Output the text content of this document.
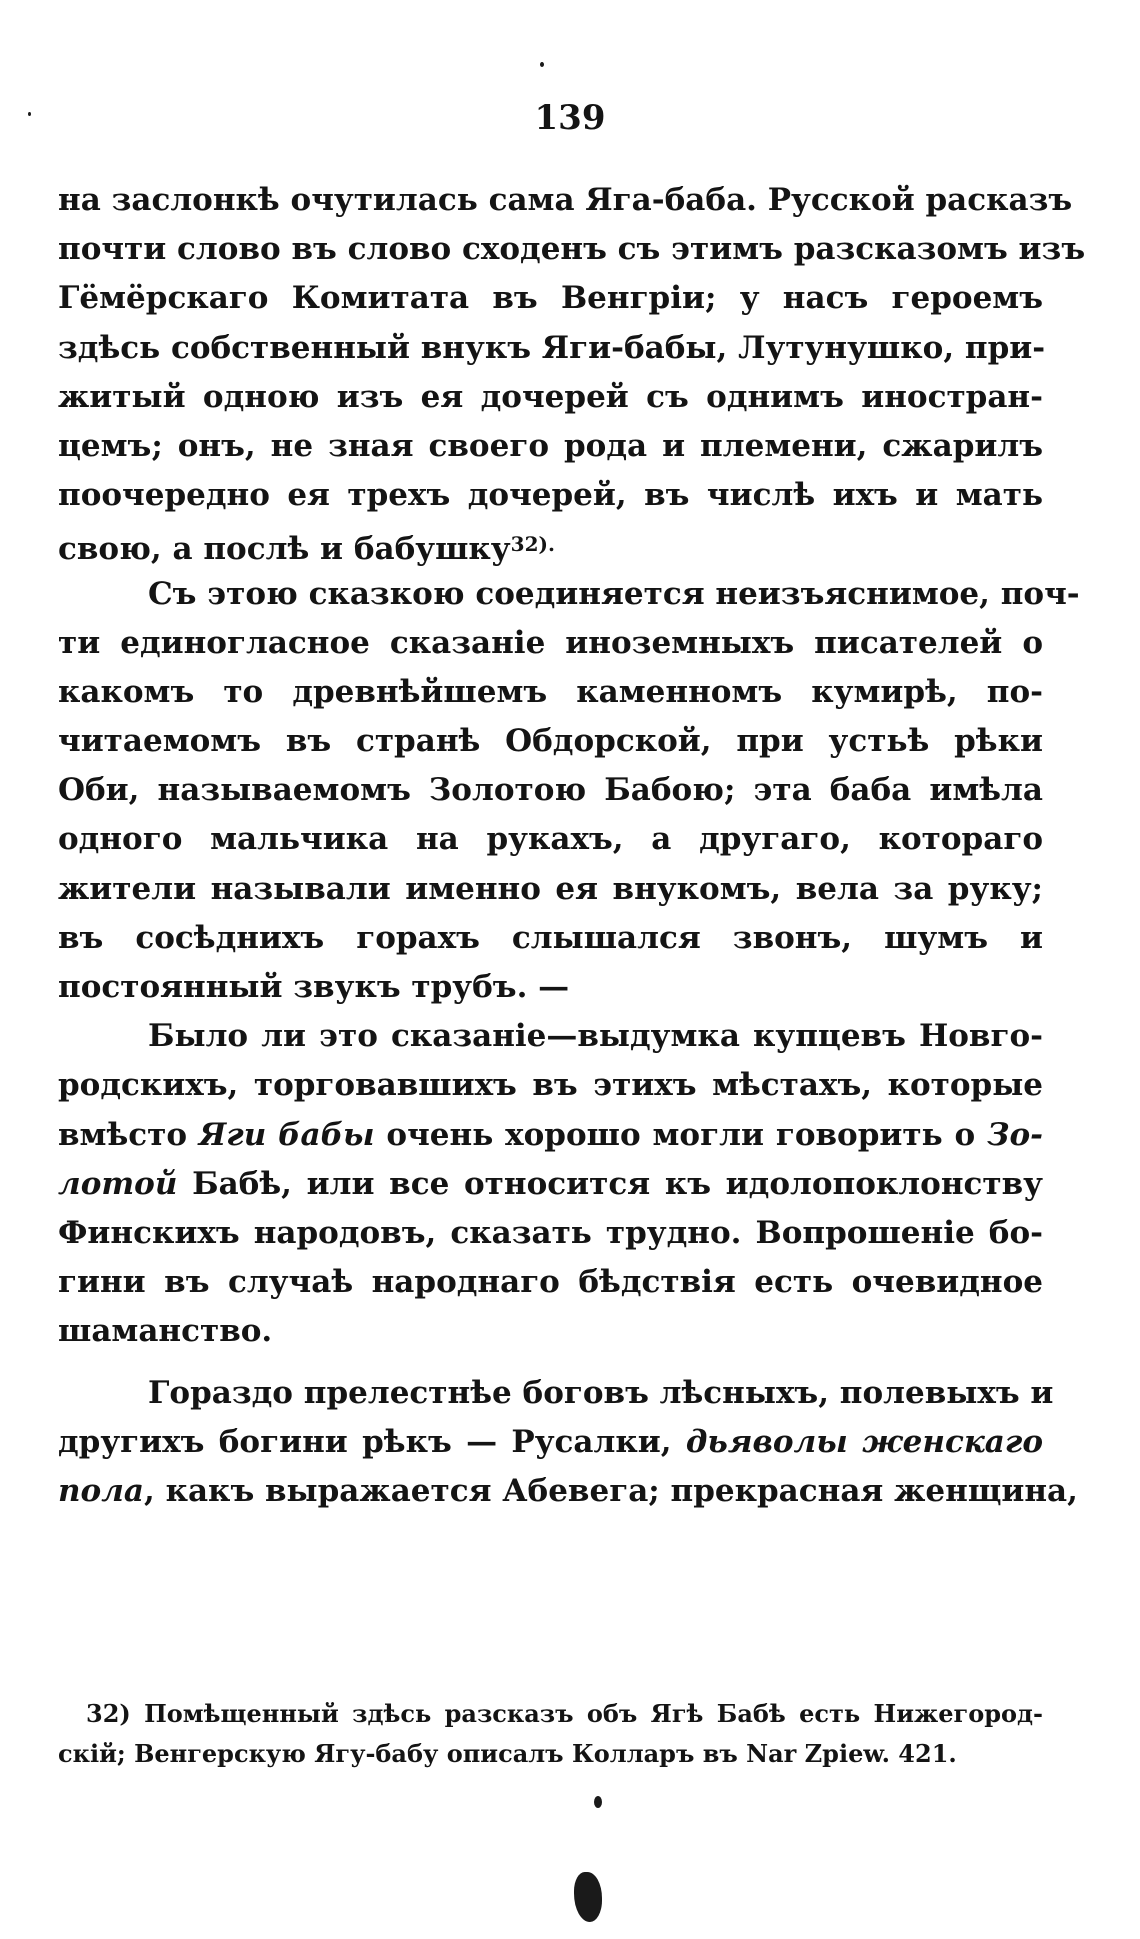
139
на заслонкѣ очутилась сама Яга-баба. Русской расказъ
почти слово въ слово сходенъ съ этимъ разсказомъ изъ
Гёмёрскаго Комитата въ Венгріи; у насъ героемъ
здѣсь собственный внукъ Яги-бабы, Лутунушко, при-
житый одною изъ ея дочерей съ однимъ иностран-
цемъ; онъ, не зная своего рода и племени, сжарилъ
поочередно ея трехъ дочерей, въ числѣ ихъ и мать
свою, а послѣ и бабушку$^{32).}$
Съ этою сказкою соединяется неизъяснимое, поч-
ти единогласное сказаніе иноземныхъ писателей о
какомъ то древнѣйшемъ каменномъ кумирѣ, по-
читаемомъ въ странѣ Обдорской, при устьѣ рѣки
Оби, называемомъ Золотою Бабою; эта баба имѣла
одного мальчика на рукахъ, а другаго, котораго
жители называли именно ея внукомъ, вела за руку;
въ сосѣднихъ горахъ слышался звонъ, шумъ и
постоянный звукъ трубъ. —
Было ли это сказаніе—выдумка купцевъ Новго-
родскихъ, торговавшихъ въ этихъ мѣстахъ, которые
вмѣсто Яги бабы очень хорошо могли говорить о Зо-
лотой Бабѣ, или все относится къ идолопоклонству
Финскихъ народовъ, сказать трудно. Вопрошеніе бо-
гини въ случаѣ народнаго бѣдствія есть очевидное
шаманство.
Гораздо прелестнѣе боговъ лѣсныхъ, полевыхъ и
другихъ богини рѣкъ — Русалки, дьяволы женскаго
пола, какъ выражается Абевега; прекрасная женщина,
32) Помѣщенный здѣсь разсказъ объ Ягѣ Бабѣ есть Нижегород-
скій; Венгерскую Ягу-бабу описалъ Колларъ въ Nar Zpiew. 421.
